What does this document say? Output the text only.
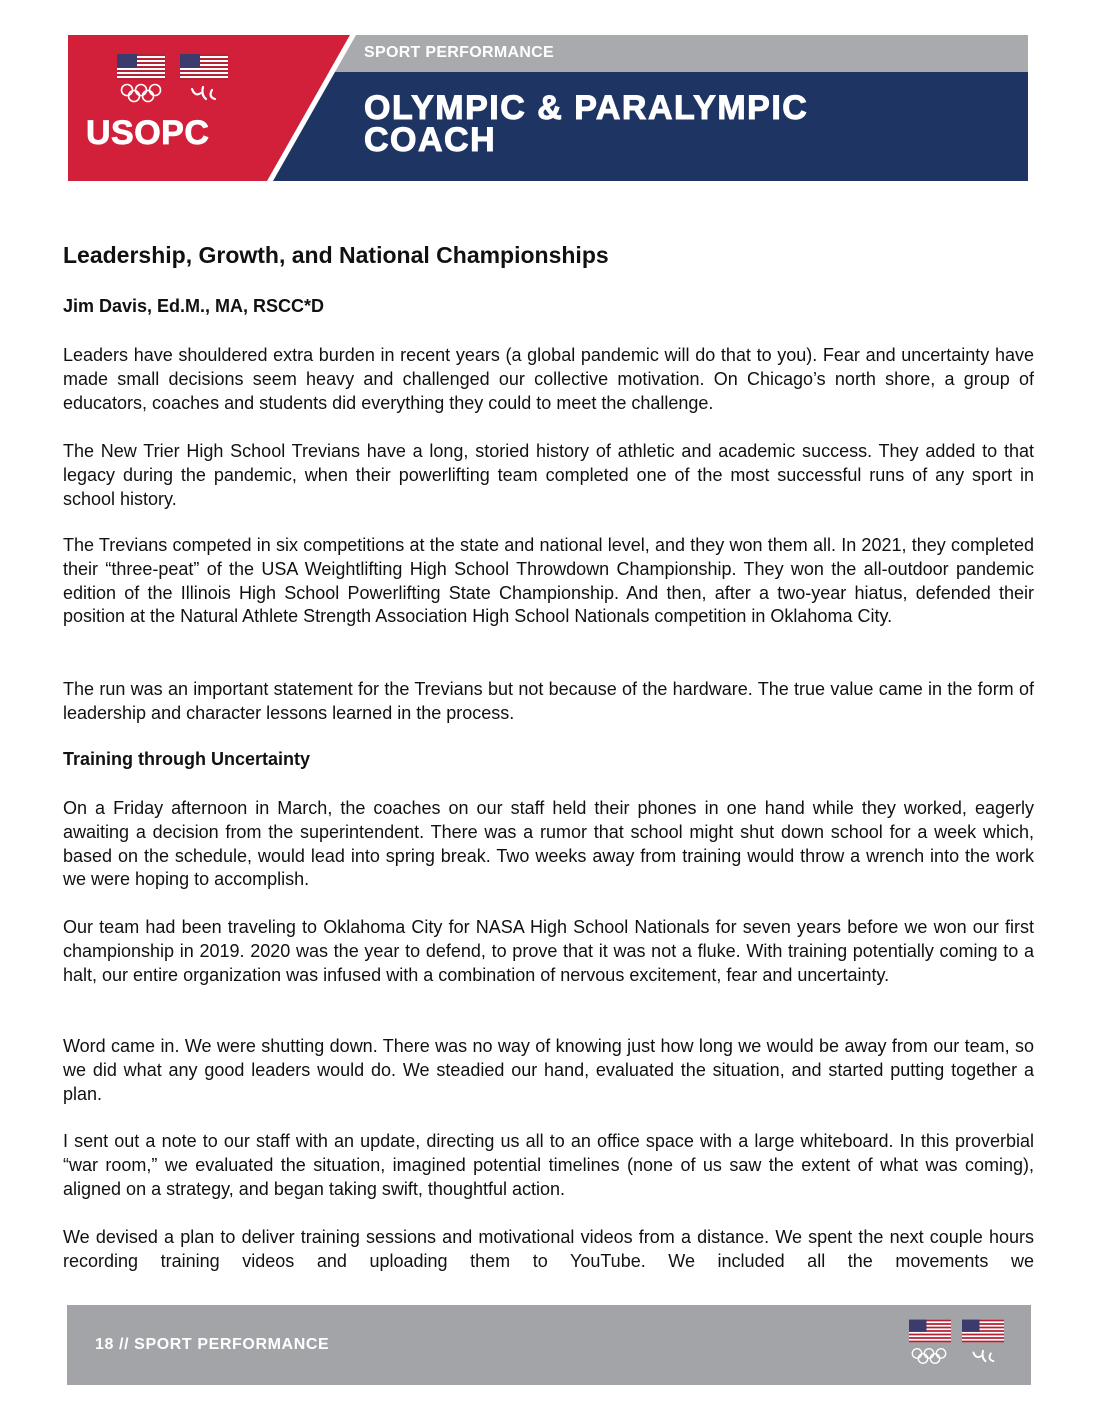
USOPC
SPORT PERFORMANCE
OLYMPIC & PARALYMPIC
COACH
Leadership, Growth, and National Championships

Jim Davis, Ed.M., MA, RSCC*D

Leaders have shouldered extra burden in recent years (a global pandemic will do that to you). Fear and uncertainty have made small decisions seem heavy and challenged our collective motivation. On Chicago’s north shore, a group of educators, coaches and students did everything they could to meet the challenge.

The New Trier High School Trevians have a long, storied history of athletic and academic success. They added to that legacy during the pandemic, when their powerlifting team completed one of the most successful runs of any sport in school history.

The Trevians competed in six competitions at the state and national level, and they won them all. In 2021, they completed their “three-peat” of the USA Weightlifting High School Throwdown Championship. They won the all-outdoor pandemic edition of the Illinois High School Powerlifting State Championship. And then, after a two-year hiatus, defended their position at the Natural Athlete Strength Association High School Nationals competition in Oklahoma City.

The run was an important statement for the Trevians but not because of the hardware. The true value came in the form of leadership and character lessons learned in the process.

Training through Uncertainty

On a Friday afternoon in March, the coaches on our staff held their phones in one hand while they worked, eagerly awaiting a decision from the superintendent. There was a rumor that school might shut down school for a week which, based on the schedule, would lead into spring break. Two weeks away from training would throw a wrench into the work we were hoping to accomplish.

Our team had been traveling to Oklahoma City for NASA High School Nationals for seven years before we won our first championship in 2019. 2020 was the year to defend, to prove that it was not a fluke. With training potentially coming to a halt, our entire organization was infused with a combination of nervous excitement, fear and uncertainty.

Word came in. We were shutting down. There was no way of knowing just how long we would be away from our team, so we did what any good leaders would do. We steadied our hand, evaluated the situation, and started putting together a plan.

I sent out a note to our staff with an update, directing us all to an office space with a large whiteboard. In this proverbial “war room,” we evaluated the situation, imagined potential timelines (none of us saw the extent of what was coming), aligned on a strategy, and began taking swift, thoughtful action.

We devised a plan to deliver training sessions and motivational videos from a distance. We spent the next couple hours recording training videos and uploading them to YouTube. We included all the movements we

18 // SPORT PERFORMANCE
